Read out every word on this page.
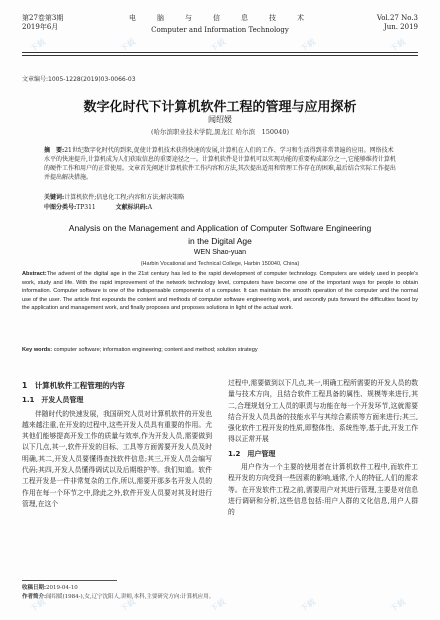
第27卷第3期
2019年6月
电　脑　与　信　息　技　术
Computer and Information Technology
Vol.27 No.3
Jun. 2019
文章编号:1005-1228(2019)03-0066-03
数字化时代下计算机软件工程的管理与应用探析
闻绍媛
(哈尔滨职业技术学院,黑龙江 哈尔滨　150040)
摘　要:21世纪数字化时代的到来,促使计算机技术获得快速的发展,计算机在人们的工作、学习和生活得到非常普遍的应用。网络技术水平的快速提升,计算机成为人们获取信息的重要途径之一。计算机软件是计算机可以实现功能的重要构成部分之一,它能够维持计算机的硬件工作和用户的正常使用。文章首先阐述计算机软件工作内容和方法,其次提出适用和管理工作存在的困难,最后结合实际工作提出并提出解决措施。
关键词:计算机软件;信息化工程;内容和方法;解决策略
中图分类号:TP311	文献标识码:A
Analysis on the Management and Application of Computer Software Engineering
in the Digital Age
WEN Shao-yuan
(Harbin Vocational and Technical College, Harbin 150040, China)
Abstract:The advent of the digital age in the 21st century has led to the rapid development of computer technology. Computers are widely used in people's work, study and life. With the rapid improvement of the network technology level, computers have become one of the important ways for people to obtain information. Computer software is one of the indispensable components of a computer. It can maintain the smooth operation of the computer and the normal use of the user. The article first expounds the content and methods of computer software engineering work, and secondly puts forward the difficulties faced by the application and management work, and finally proposes and proposes solutions in light of the actual work.
Key words: computer software; information engineering; content and method; solution strategy
1　计算机软件工程管理的内容
1.1　开发人员管理

伴随时代的快速发展，我国研究人员对计算机软件的开发也越来越注重,在开发的过程中,这些开发人员具有重要的作用。尤其他们能够提高开发工作的质量与效率,作为开发人员,需要做到以下几点,其一,软件开发的目标、工具等方面需要开发人员及时明确,其二,开发人员要懂得查找软件信息;其三,开发人员会编写代码;其四,开发人员懂得调试以及后期维护等。我们知道。软件工程开发是一件非常复杂的工作,所以,需要开那多名开发人员的作用在每一个环节之中,除此之外,软件开发人员要对其及时进行管理,在这个

过程中,需要做到以下几点,其一,明确工程所需要的开发人员的数量与技术方向，且结合软件工程具备的属性、规模等来进行,其二,合理规划分工人员的职责与功能在每一个开发环节,这就需要结合开发人员具备的技能水平与其综合素质等方面来进行;其三,强化软件工程开发的性质,即整体性、系统性等,基于此,开发工作得以正常开展

1.2　用户管理

用户作为一个主要的使用者在计算机软件工程中,而软件工程开发的方向受到一些因素的影响,通常,个人的特征,人们的需求等。在开发软件工程之前,需要用户对其进行管理,主要是对信息进行调研和分析,这些信息包括:用户人群的文化信息,用户人群的

收稿日期:2019-04-10
作者简介:闻绍媛(1984-),女,辽宁沈阳人,讲师,本科,主要研究方向:计算机应用。
下载	下载	下载	下载	下载
下载	下载	下载	下载	下载
